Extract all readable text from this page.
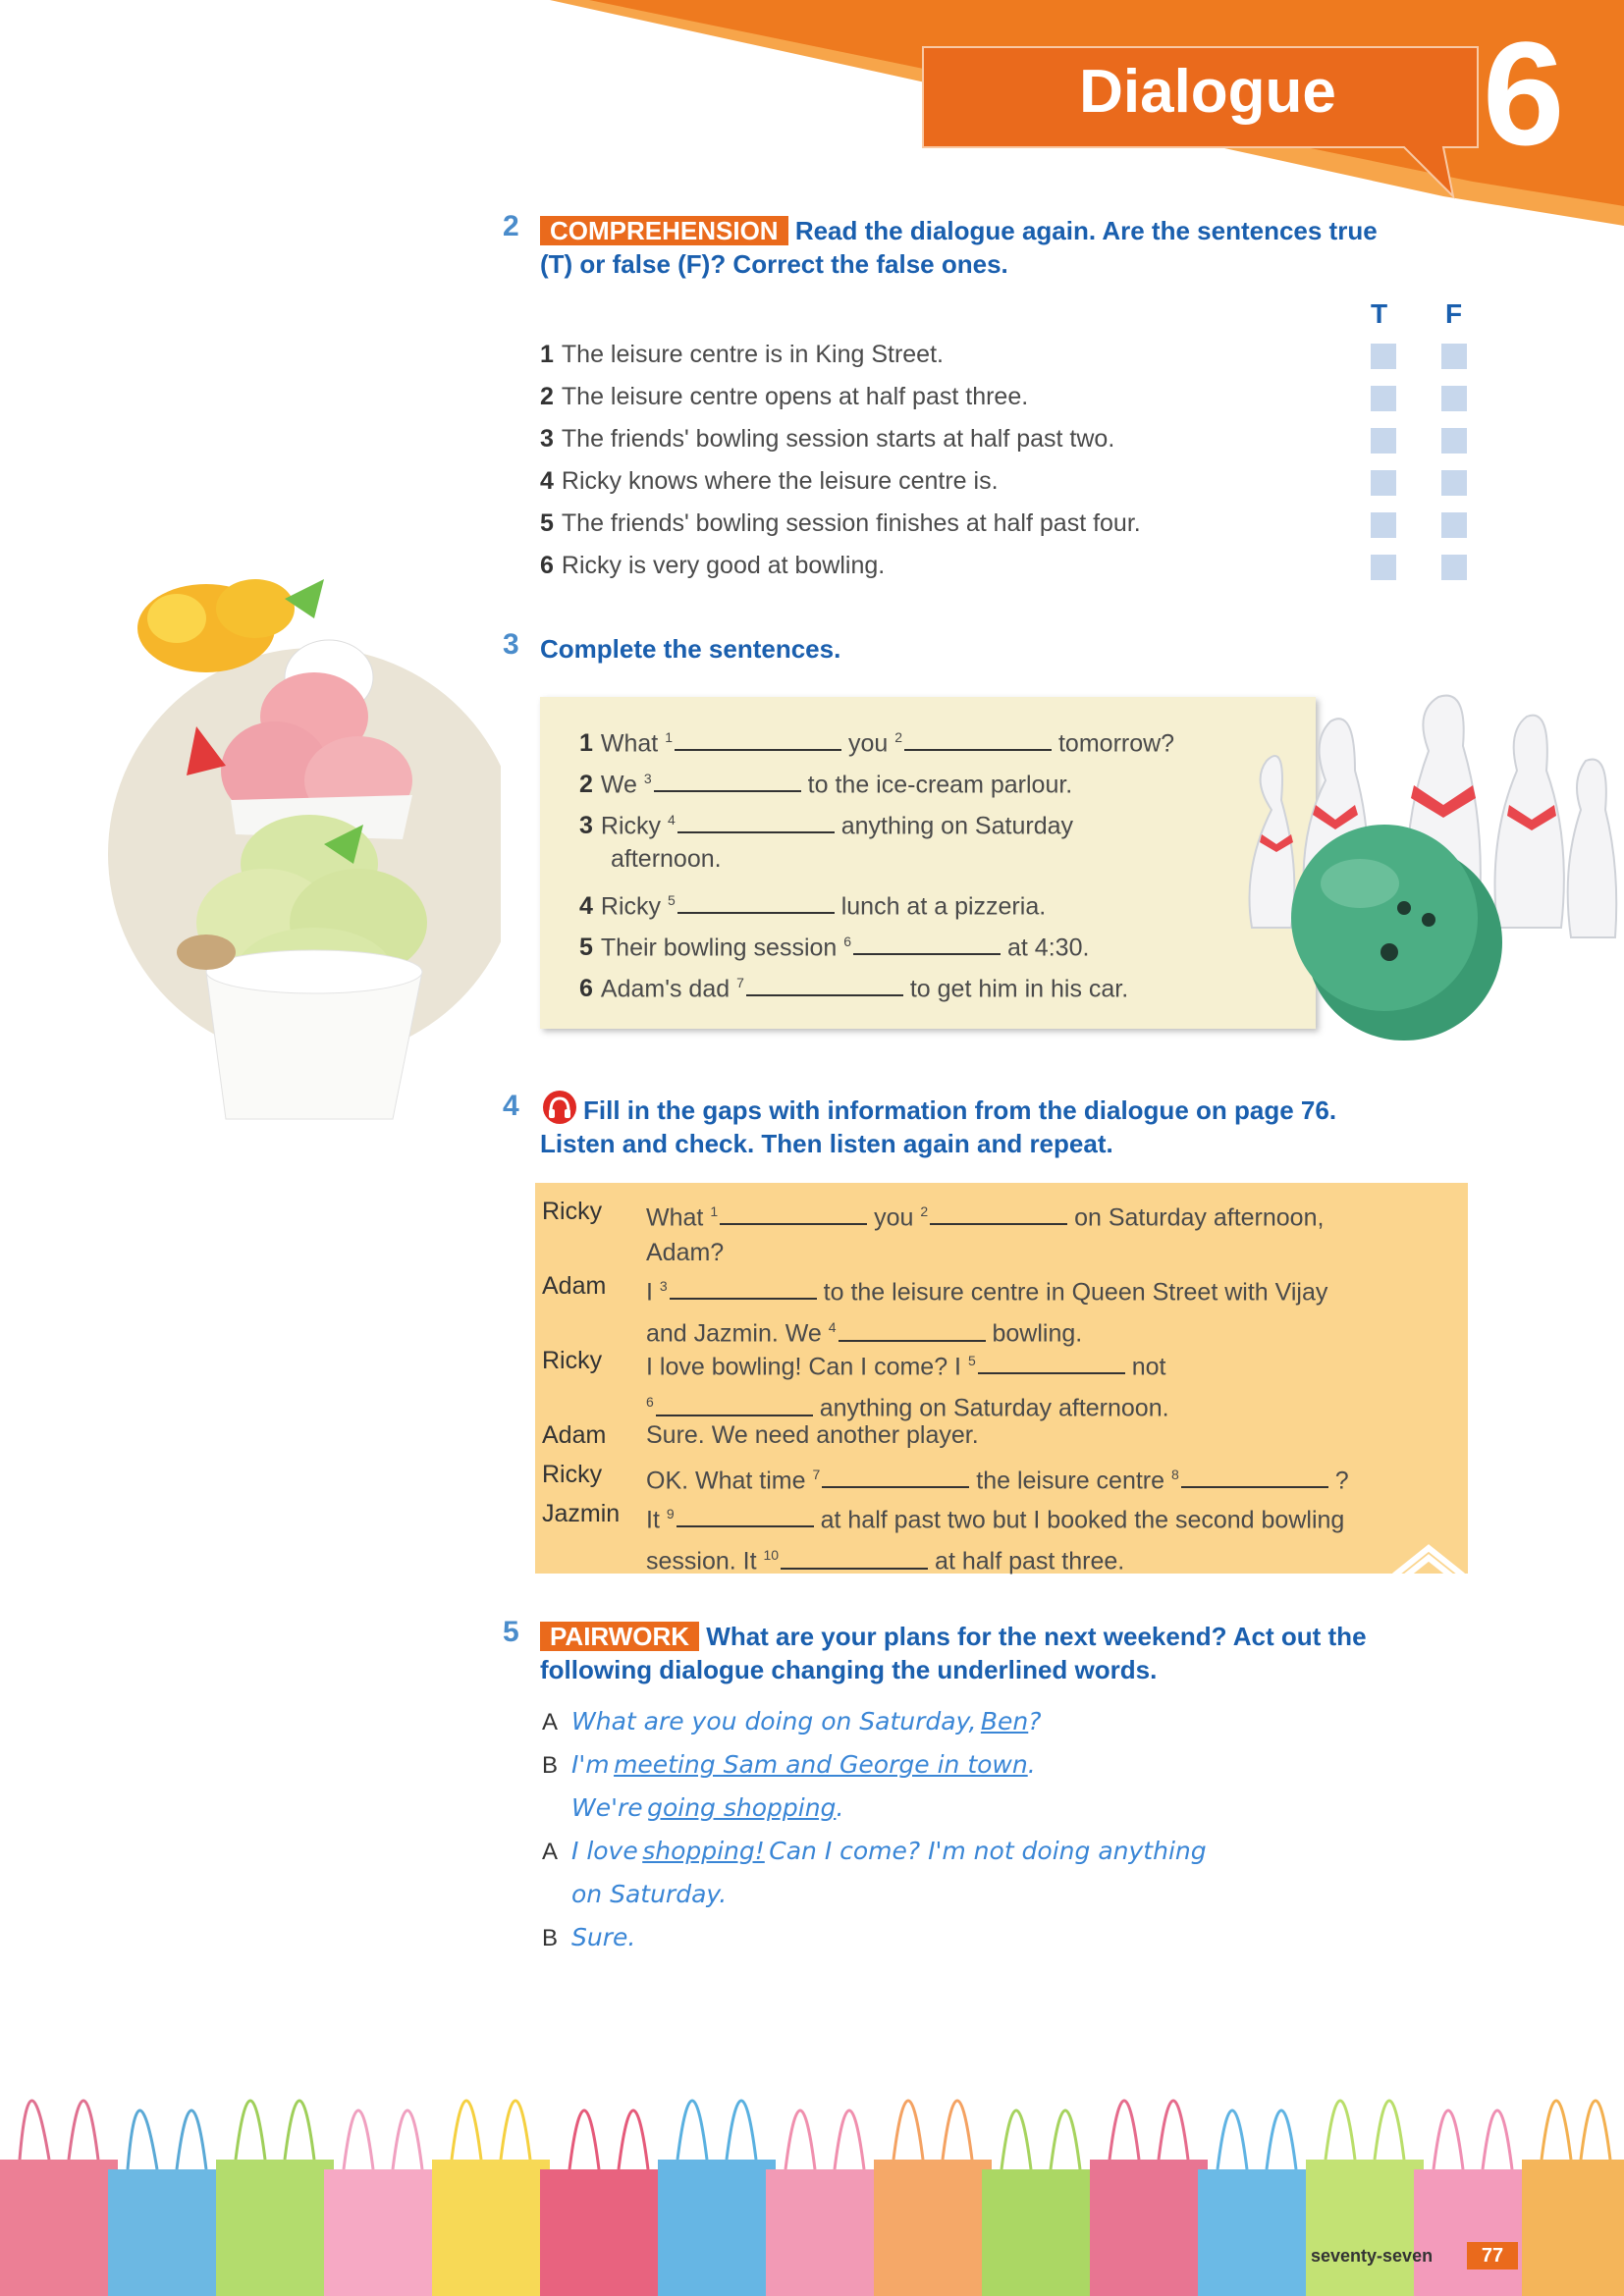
Dialogue 6
2	COMPREHENSION Read the dialogue again. Are the sentences true
(T) or false (F)? Correct the false ones.
T F
1 The leisure centre is in King Street.
2 The leisure centre opens at half past three.
3 The friends' bowling session starts at half past two.
4 Ricky knows where the leisure centre is.
5 The friends' bowling session finishes at half past four.
6 Ricky is very good at bowling.
3 Complete the sentences.
1 What $^1$	you $^2$	tomorrow?
2 We $^3$	to the ice-cream parlour.
3 Ricky $^4$	anything on Saturday
afternoon.
4 Ricky $^5$	lunch at a pizzeria.
5 Their bowling session $^6$	at 4:30.
6 Adam's dad $^7$	to get him in his car.
4	Fill in the gaps with information from the dialogue on page 76.
Listen and check. Then listen again and repeat.
Ricky	What $^1$	you $^2$	on Saturday afternoon,
Adam?
Adam	I $^3$	to the leisure centre in Queen Street with Vijay
and Jazmin. We $^4$	bowling.
Ricky	I love bowling! Can I come? I $^5$	not
$^6$	anything on Saturday afternoon.
Adam	Sure. We need another player.
Ricky	OK. What time $^7$	the leisure centre $^8$	?
Jazmin	It $^9$	at half past two but I booked the second bowling
session. It $^{10}$	at half past three.
5	PAIRWORK What are your plans for the next weekend? Act out the
following dialogue changing the underlined words.
A What are you doing on Saturday, Ben?
B I'm meeting Sam and George in town.
We're going shopping.
A I love shopping! Can I come? I'm not doing anything
on Saturday.
B Sure.
seventy-seven	77
